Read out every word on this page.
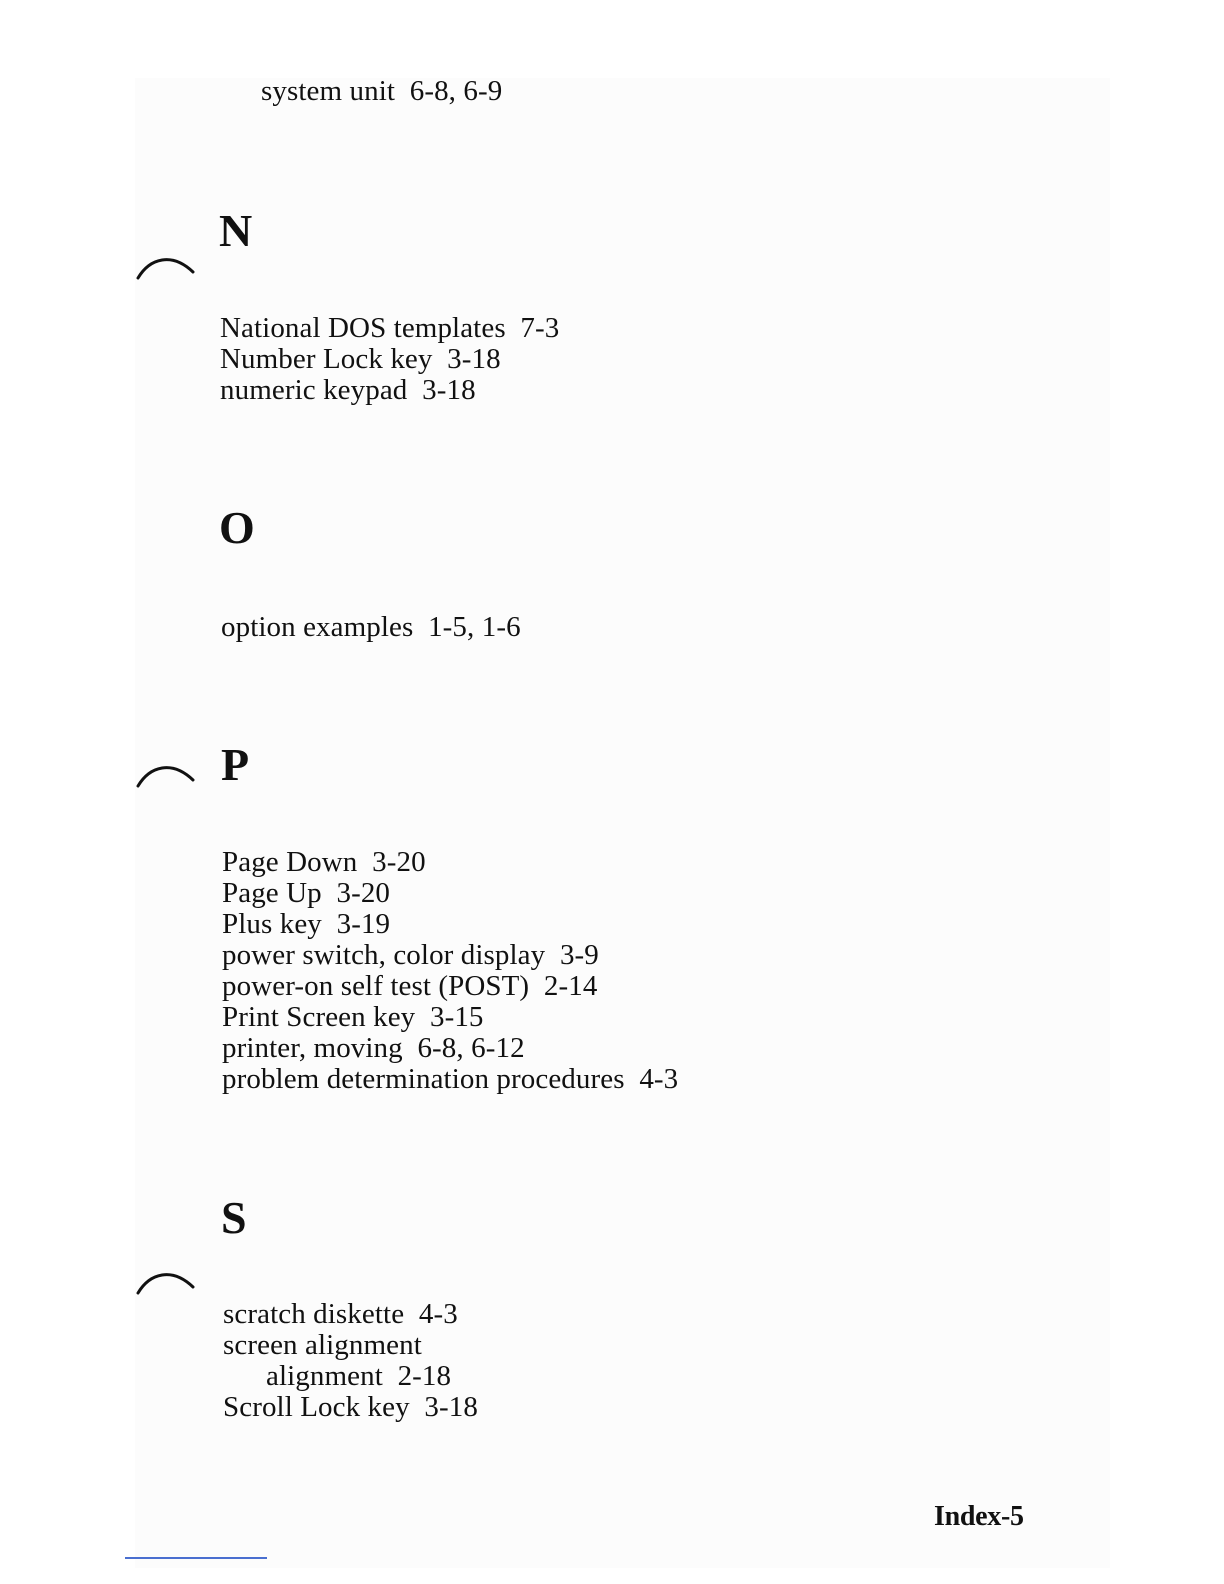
system unit  6-8, 6-9
N
National DOS templates  7-3
Number Lock key  3-18
numeric keypad  3-18
O
option examples  1-5, 1-6
P
Page Down  3-20
Page Up  3-20
Plus key  3-19
power switch, color display  3-9
power-on self test (POST)  2-14
Print Screen key  3-15
printer, moving  6-8, 6-12
problem determination procedures  4-3
S
scratch diskette  4-3
screen alignment
alignment  2-18
Scroll Lock key  3-18
Index-5
